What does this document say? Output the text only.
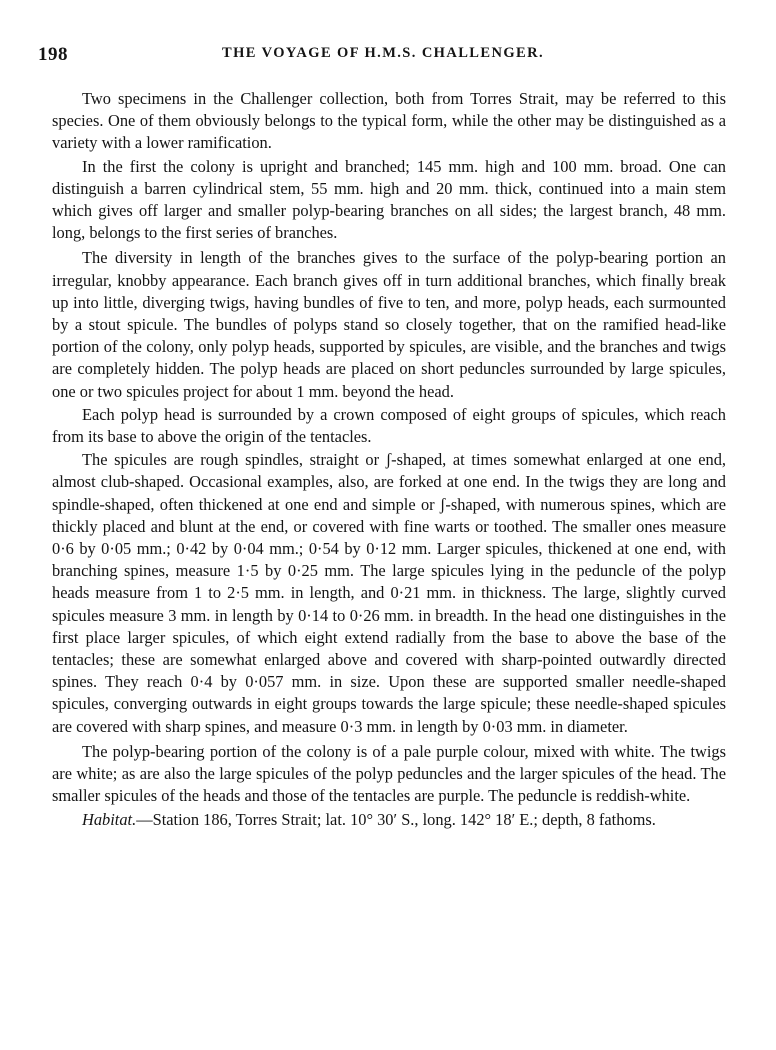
198	THE VOYAGE OF H.M.S. CHALLENGER.

Two specimens in the Challenger collection, both from Torres Strait, may be referred to this species. One of them obviously belongs to the typical form, while the other may be distinguished as a variety with a lower ramification.

In the first the colony is upright and branched; 145 mm. high and 100 mm. broad. One can distinguish a barren cylindrical stem, 55 mm. high and 20 mm. thick, continued into a main stem which gives off larger and smaller polyp-bearing branches on all sides; the largest branch, 48 mm. long, belongs to the first series of branches.

The diversity in length of the branches gives to the surface of the polyp-bearing portion an irregular, knobby appearance. Each branch gives off in turn additional branches, which finally break up into little, diverging twigs, having bundles of five to ten, and more, polyp heads, each surmounted by a stout spicule. The bundles of polyps stand so closely together, that on the ramified head-like portion of the colony, only polyp heads, supported by spicules, are visible, and the branches and twigs are completely hidden. The polyp heads are placed on short peduncles surrounded by large spicules, one or two spicules project for about 1 mm. beyond the head.

Each polyp head is surrounded by a crown composed of eight groups of spicules, which reach from its base to above the origin of the tentacles.

The spicules are rough spindles, straight or ʃ-shaped, at times somewhat enlarged at one end, almost club-shaped. Occasional examples, also, are forked at one end. In the twigs they are long and spindle-shaped, often thickened at one end and simple or ʃ-shaped, with numerous spines, which are thickly placed and blunt at the end, or covered with fine warts or toothed. The smaller ones measure 0·6 by 0·05 mm.; 0·42 by 0·04 mm.; 0·54 by 0·12 mm. Larger spicules, thickened at one end, with branching spines, measure 1·5 by 0·25 mm. The large spicules lying in the peduncle of the polyp heads measure from 1 to 2·5 mm. in length, and 0·21 mm. in thickness. The large, slightly curved spicules measure 3 mm. in length by 0·14 to 0·26 mm. in breadth. In the head one distinguishes in the first place larger spicules, of which eight extend radially from the base to above the base of the tentacles; these are somewhat enlarged above and covered with sharp-pointed outwardly directed spines. They reach 0·4 by 0·057 mm. in size. Upon these are supported smaller needle-shaped spicules, converging outwards in eight groups towards the large spicule; these needle-shaped spicules are covered with sharp spines, and measure 0·3 mm. in length by 0·03 mm. in diameter.

The polyp-bearing portion of the colony is of a pale purple colour, mixed with white. The twigs are white; as are also the large spicules of the polyp peduncles and the larger spicules of the head. The smaller spicules of the heads and those of the tentacles are purple. The peduncle is reddish-white.

Habitat.—Station 186, Torres Strait; lat. 10° 30′ S., long. 142° 18′ E.; depth, 8 fathoms.
